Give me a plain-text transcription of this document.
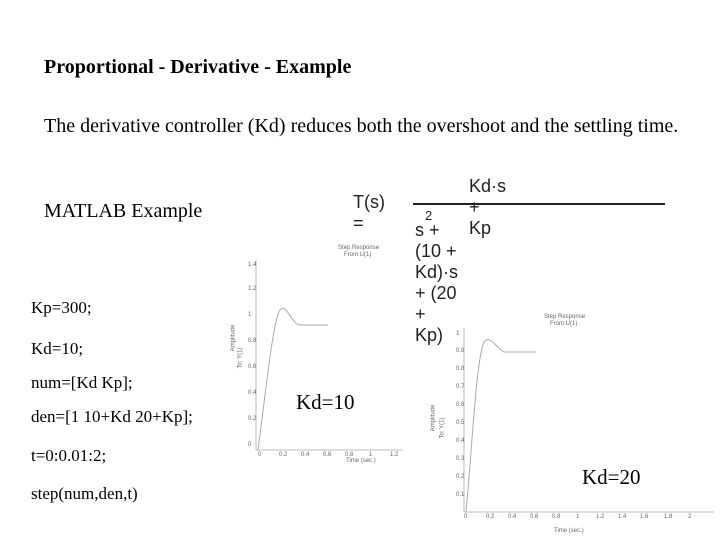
Proportional - Derivative - Example
The derivative controller (Kd) reduces both the overshoot and the settling time.
MATLAB Example
Kp=300;
Kd=10;
num=[Kd Kp];
den=[1 10+Kd 20+Kp];
t=0:0.01:2;
step(num,den,t)
T(s) =
Kd·s + Kp
2
s + (10 + Kd)·s + (20 + Kp)
Step Response
From U(1)
Amplitude
To: Y(1)
Time (sec.)
1.4
1.2
1
0.8
0.6
0.4
0.2
0
0	0.2 0.4 0.6 0.8	1	1.2
Step Response
From U(1)
Amplitude To: Y(1)
Time (sec.)
1
0.9
0.8
0.7
0.6
0.5
0.4
0.3
0.2
0.1
0	0.2 0.4 0.6 0.8	1	1.2 1.4 1.6	1.8	2
Kd=10
Kd=20
